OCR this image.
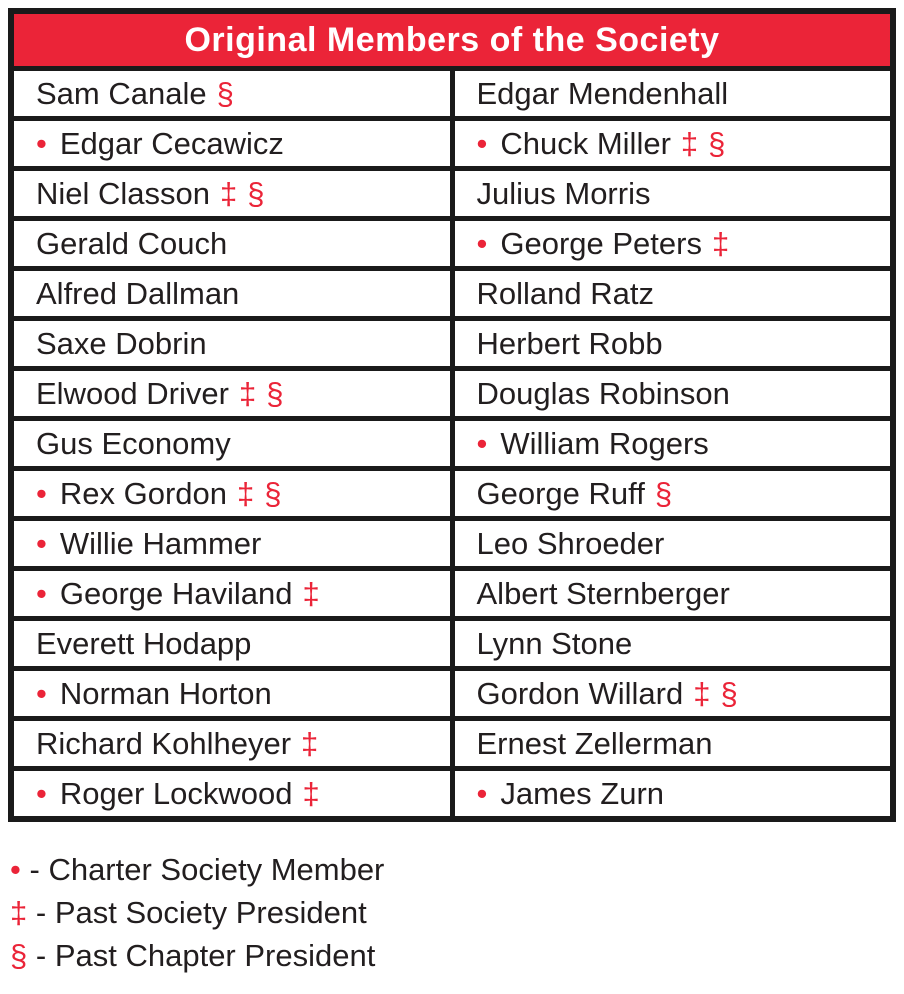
Original Members of the Society	
Sam Canale §	Edgar Mendenhall
• Edgar Cecawicz	• Chuck Miller ‡ §
Niel Classon ‡ §	Julius Morris
Gerald Couch	• George Peters ‡
Alfred Dallman	Rolland Ratz
Saxe Dobrin	Herbert Robb
Elwood Driver ‡ §	Douglas Robinson
Gus Economy	• William Rogers
• Rex Gordon ‡ §	George Ruff §
• Willie Hammer	Leo Shroeder
• George Haviland ‡	Albert Sternberger
Everett Hodapp	Lynn Stone
• Norman Horton	Gordon Willard ‡ §
Richard Kohlheyer ‡	Ernest Zellerman
• Roger Lockwood ‡	• James Zurn
•
-
Charter Society Member
‡
-
Past Society President
§
-
Past Chapter President
